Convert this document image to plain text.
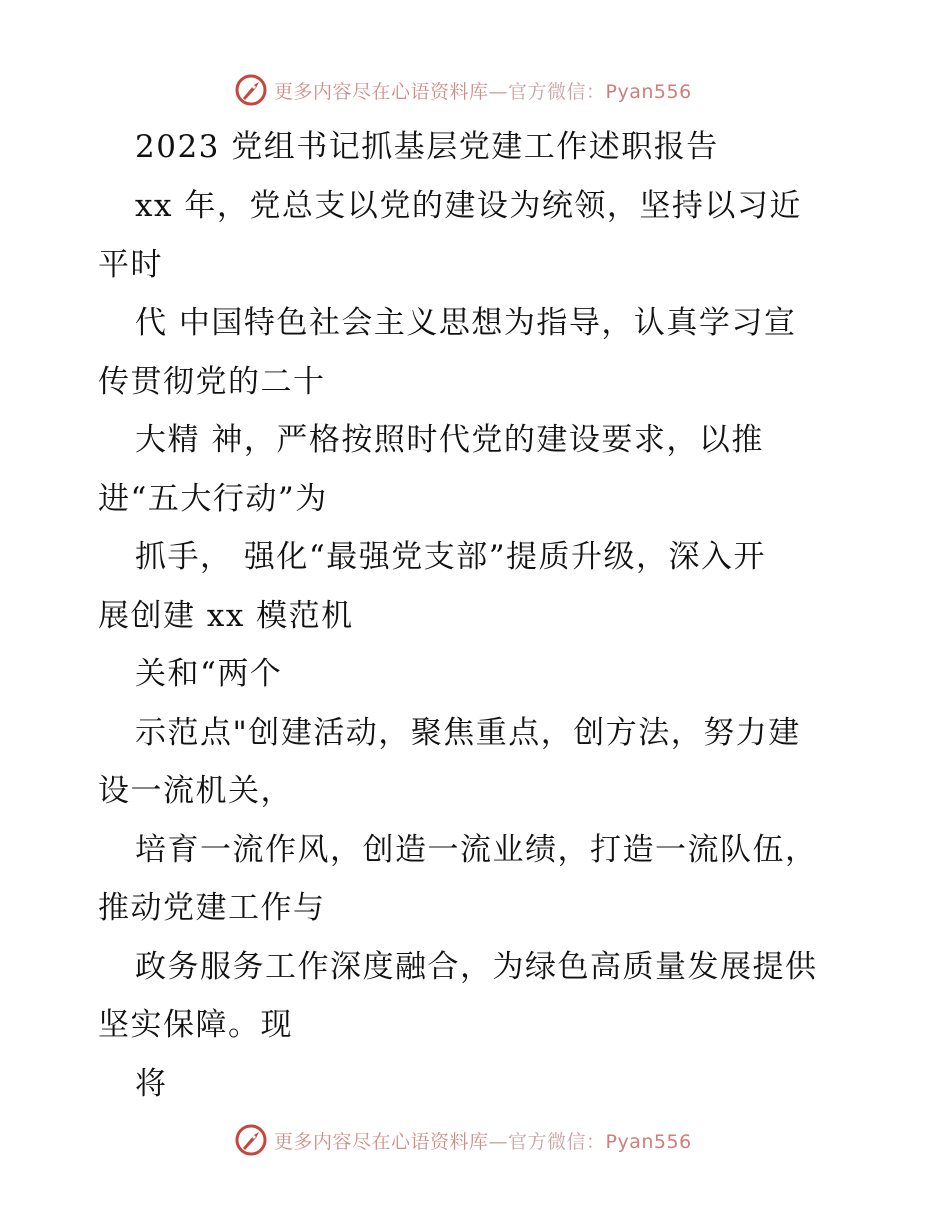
更多内容尽在心语资料库—官方微信：Pyan556
2023 党组书记抓基层党建工作述职报告
xx 年，党总支以党的建设为统领，坚持以习近
平时
代 中国特色社会主义思想为指导，认真学习宣
传贯彻党的二十
大精 神，严格按照时代党的建设要求，以推
进“五大行动”为
抓手， 强化“最强党支部”提质升级，深入开
展创建 xx 模范机
关和“两个
示范点"创建活动，聚焦重点，创方法，努力建
设一流机关，
培育一流作风，创造一流业绩，打造一流队伍，
推动党建工作与
政务服务工作深度融合，为绿色高质量发展提供
坚实保障。现
将
更多内容尽在心语资料库—官方微信：Pyan556
